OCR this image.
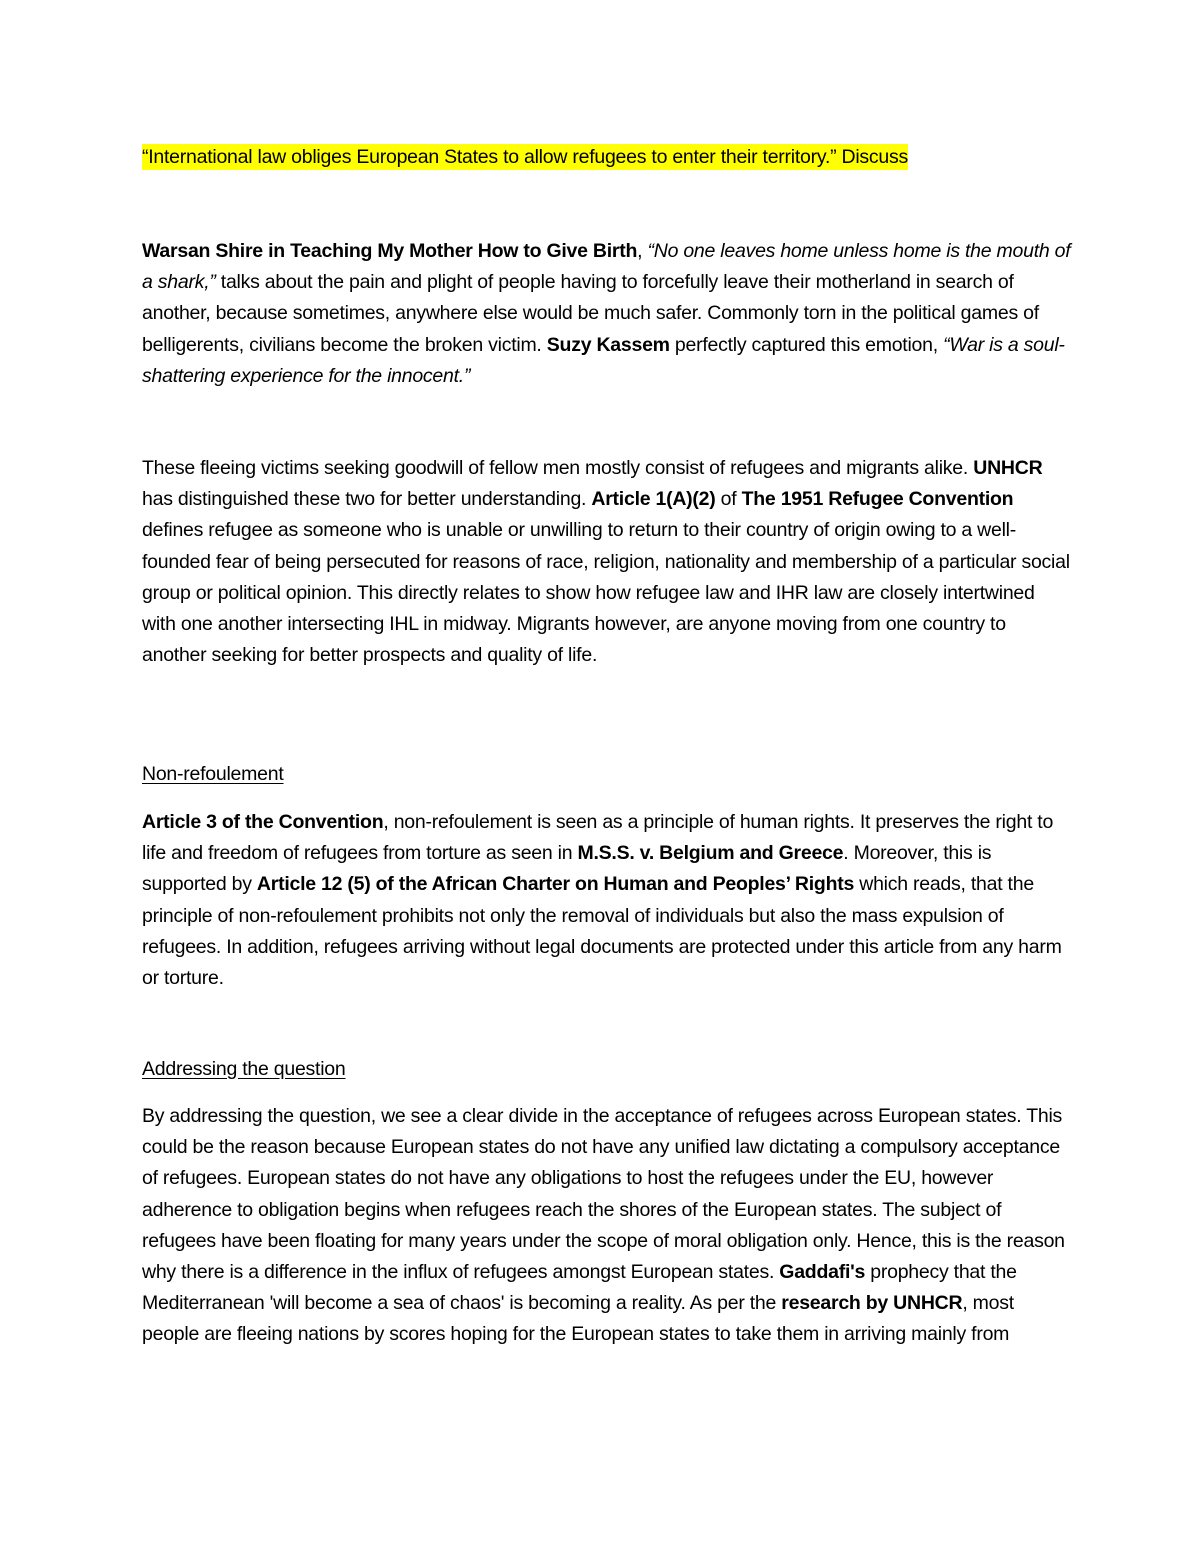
“International law obliges European States to allow refugees to enter their territory.” Discuss
Warsan Shire in Teaching My Mother How to Give Birth, “No one leaves home unless home is the mouth of a shark,” talks about the pain and plight of people having to forcefully leave their motherland in search of another, because sometimes, anywhere else would be much safer. Commonly torn in the political games of belligerents, civilians become the broken victim. Suzy Kassem perfectly captured this emotion, “War is a soul-shattering experience for the innocent.”
These fleeing victims seeking goodwill of fellow men mostly consist of refugees and migrants alike. UNHCR has distinguished these two for better understanding. Article 1(A)(2) of The 1951 Refugee Convention defines refugee as someone who is unable or unwilling to return to their country of origin owing to a well-founded fear of being persecuted for reasons of race, religion, nationality and membership of a particular social group or political opinion. This directly relates to show how refugee law and IHR law are closely intertwined with one another intersecting IHL in midway. Migrants however, are anyone moving from one country to another seeking for better prospects and quality of life.
Non-refoulement
Article 3 of the Convention, non-refoulement is seen as a principle of human rights. It preserves the right to life and freedom of refugees from torture as seen in M.S.S. v. Belgium and Greece. Moreover, this is supported by Article 12 (5) of the African Charter on Human and Peoples’ Rights which reads, that the principle of non-refoulement prohibits not only the removal of individuals but also the mass expulsion of refugees. In addition, refugees arriving without legal documents are protected under this article from any harm or torture.
Addressing the question
By addressing the question, we see a clear divide in the acceptance of refugees across European states. This could be the reason because European states do not have any unified law dictating a compulsory acceptance of refugees. European states do not have any obligations to host the refugees under the EU, however adherence to obligation begins when refugees reach the shores of the European states. The subject of refugees have been floating for many years under the scope of moral obligation only. Hence, this is the reason why there is a difference in the influx of refugees amongst European states. Gaddafi's prophecy that the Mediterranean 'will become a sea of chaos' is becoming a reality. As per the research by UNHCR, most people are fleeing nations by scores hoping for the European states to take them in arriving mainly from
